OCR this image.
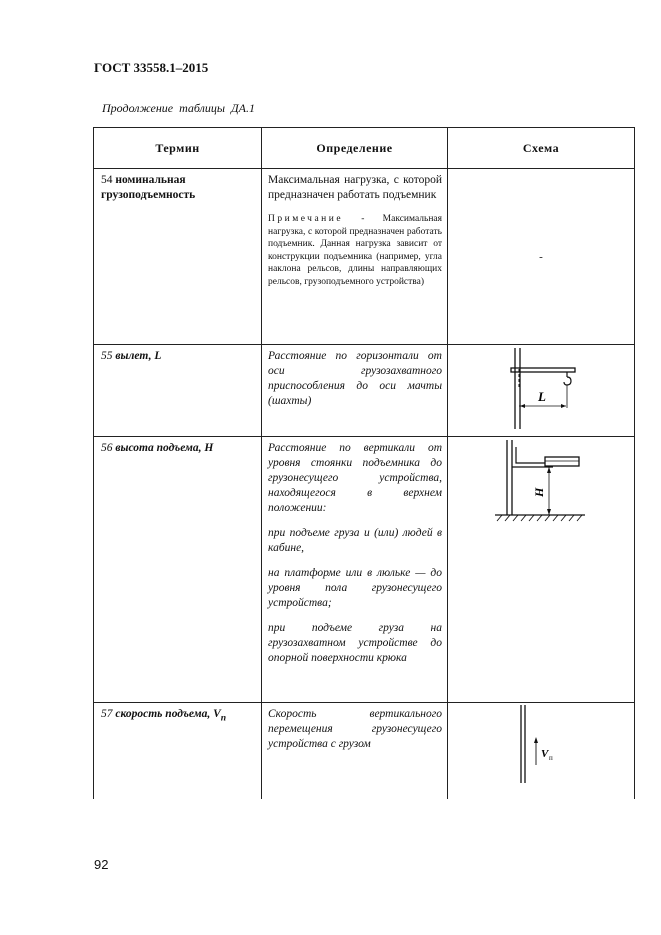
ГОСТ 33558.1–2015
Продолжение таблицы ДА.1
Термин	Определение	Схема
54 номинальная грузоподъемность	Максимальная нагрузка, с которой предназначен работать подъемник

Примечание - Максимальная нагрузка, с которой предназначен работать подъемник. Данная нагрузка зависит от конструкции подъемника (например, угла наклона рельсов, длины направляющих рельсов, грузоподъемного устройства)	-

55 вылет, L	Расстояние по горизонтали от оси грузозахватного приспособления до оси мачты (шахты)	L

56 высота подъема, H	Расстояние по вертикали от уровня стоянки подъемника до грузонесущего устройства, находящегося в верхнем положении:

при подъеме груза и (или) людей в кабине,

на платформе или в люльке — до уровня пола грузонесущего устройства;

при подъеме груза на грузозахватном устройстве до опорной поверхности крюка	H

57 скорость подъема, $V_п$	Скорость вертикального перемещения грузонесущего устройства с грузом	V п
92
